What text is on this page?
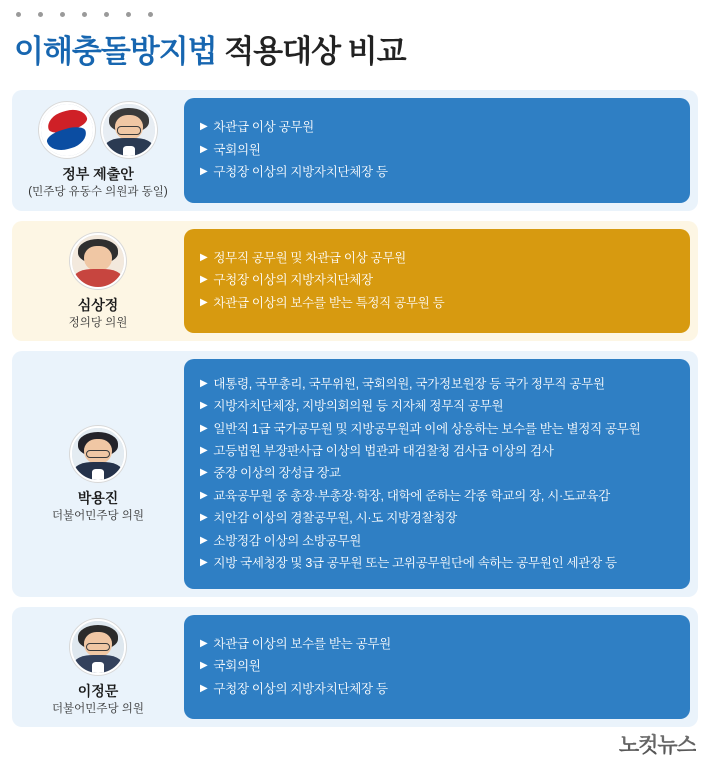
이해충돌방지법 적용대상 비교
정부 제출안
(민주당 유동수 의원과 동일)
▶ 차관급 이상 공무원
▶ 국회의원
▶ 구청장 이상의 지방자치단체장 등
심상정
정의당 의원
▶ 정무직 공무원 및 차관급 이상 공무원
▶ 구청장 이상의 지방자치단체장
▶ 차관급 이상의 보수를 받는 특정직 공무원 등
박용진
더불어민주당 의원
▶ 대통령, 국무총리, 국무위원, 국회의원, 국가정보원장 등 국가 정무직 공무원
▶ 지방자치단체장, 지방의회의원 등 지자체 정무직 공무원
▶ 일반직 1급 국가공무원 및 지방공무원과 이에 상응하는 보수를 받는 별정직 공무원
▶ 고등법원 부장판사급 이상의 법관과 대검찰청 검사급 이상의 검사
▶ 중장 이상의 장성급 장교
▶ 교육공무원 중 총장·부총장·학장, 대학에 준하는 각종 학교의 장, 시·도교육감
▶ 치안감 이상의 경찰공무원, 시·도 지방경찰청장
▶ 소방정감 이상의 소방공무원
▶ 지방 국세청장 및 3급 공무원 또는 고위공무원단에 속하는 공무원인 세관장 등
이정문
더불어민주당 의원
▶ 차관급 이상의 보수를 받는 공무원
▶ 국회의원
▶ 구청장 이상의 지방자치단체장 등
노컷뉴스
